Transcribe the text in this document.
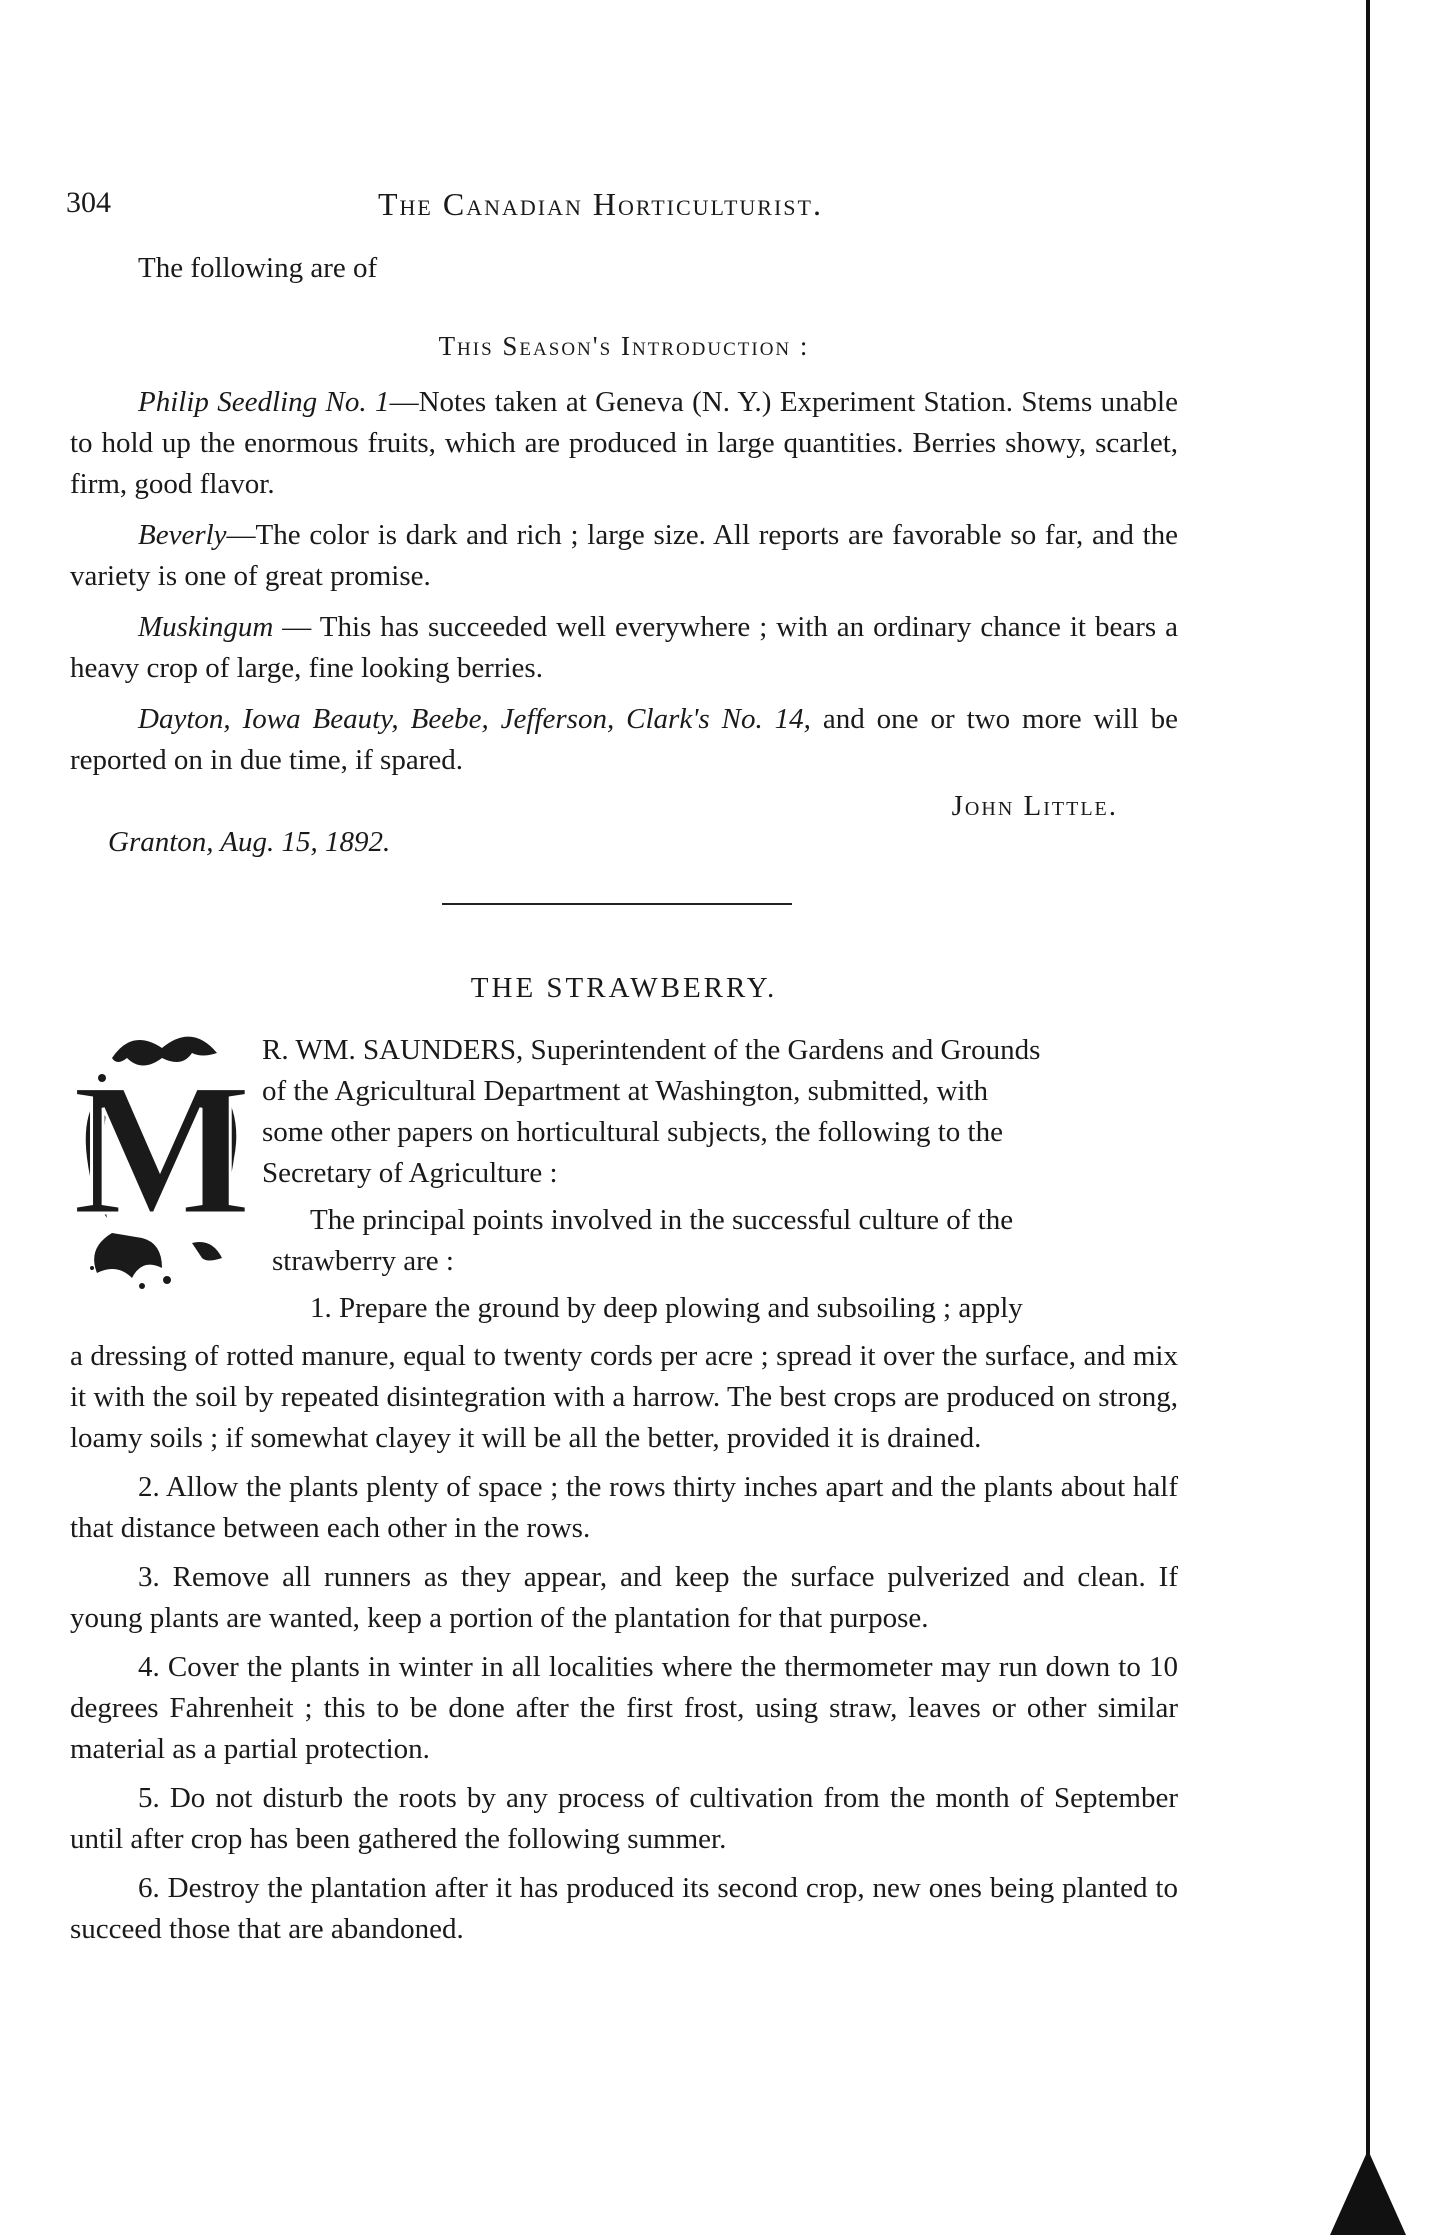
304	The Canadian Horticulturist.

The following are of

This Season's Introduction :

Philip Seedling No. 1—Notes taken at Geneva (N. Y.) Experiment Station. Stems unable to hold up the enormous fruits, which are produced in large quantities. Berries showy, scarlet, firm, good flavor.

Beverly—The color is dark and rich ; large size. All reports are favorable so far, and the variety is one of great promise.

Muskingum — This has succeeded well everywhere ; with an ordinary chance it bears a heavy crop of large, fine looking berries.

Dayton, Iowa Beauty, Beebe, Jefferson, Clark's No. 14, and one or two more will be reported on in due time, if spared.

John Little.
Granton, Aug. 15, 1892.
THE STRAWBERRY.
M R. WM. SAUNDERS, Superintendent of the Gardens and Grounds
of the Agricultural Department at Washington, submitted, with
some other papers on horticultural subjects, the following to the
Secretary of Agriculture :
The principal points involved in the successful culture of the
strawberry are :
1. Prepare the ground by deep plowing and subsoiling ; apply

a dressing of rotted manure, equal to twenty cords per acre ; spread it over the surface, and mix it with the soil by repeated disintegration with a harrow. The best crops are produced on strong, loamy soils ; if somewhat clayey it will be all the better, provided it is drained.

2. Allow the plants plenty of space ; the rows thirty inches apart and the plants about half that distance between each other in the rows.

3. Remove all runners as they appear, and keep the surface pulverized and clean. If young plants are wanted, keep a portion of the plantation for that purpose.

4. Cover the plants in winter in all localities where the thermometer may run down to 10 degrees Fahrenheit ; this to be done after the first frost, using straw, leaves or other similar material as a partial protection.

5. Do not disturb the roots by any process of cultivation from the month of September until after crop has been gathered the following summer.

6. Destroy the plantation after it has produced its second crop, new ones being planted to succeed those that are abandoned.
